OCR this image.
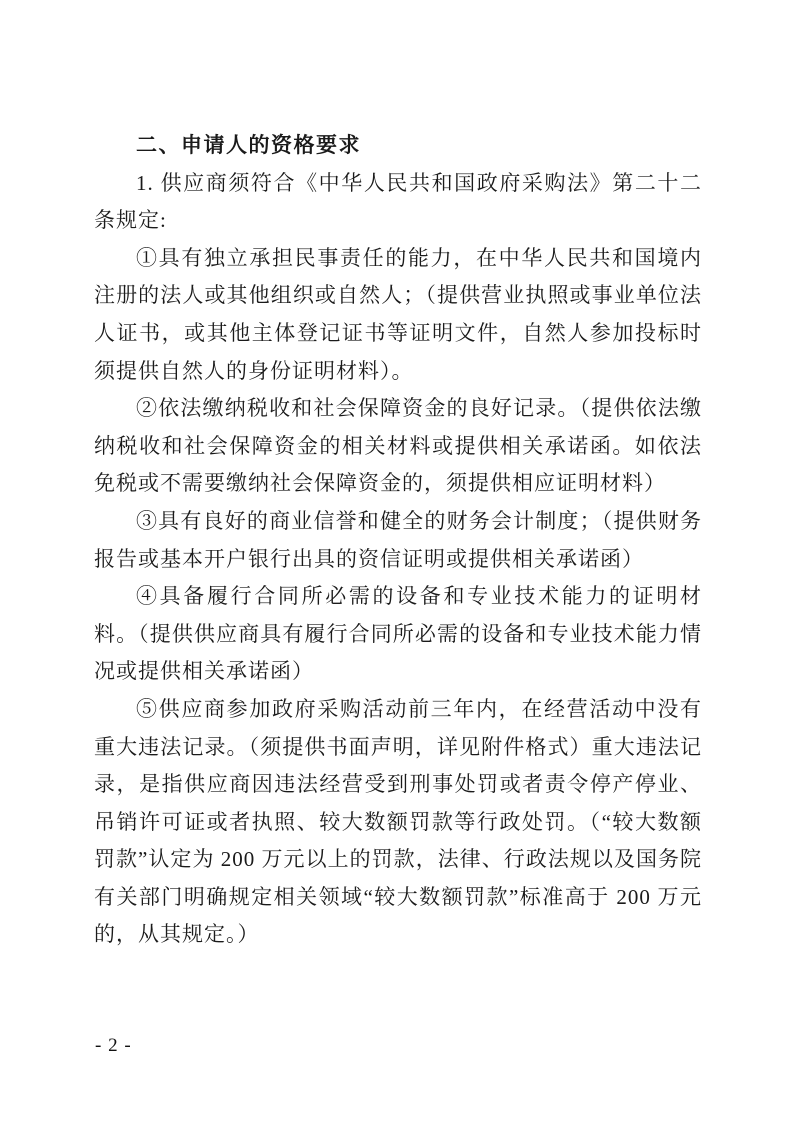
二、申请人的资格要求

1. 供应商须符合《中华人民共和国政府采购法》第二十二条规定:

①具有独立承担民事责任的能力，在中华人民共和国境内注册的法人或其他组织或自然人；（提供营业执照或事业单位法人证书，或其他主体登记证书等证明文件，自然人参加投标时须提供自然人的身份证明材料）。

②依法缴纳税收和社会保障资金的良好记录。（提供依法缴纳税收和社会保障资金的相关材料或提供相关承诺函。如依法免税或不需要缴纳社会保障资金的，须提供相应证明材料）

③具有良好的商业信誉和健全的财务会计制度；（提供财务报告或基本开户银行出具的资信证明或提供相关承诺函）

④具备履行合同所必需的设备和专业技术能力的证明材料。（提供供应商具有履行合同所必需的设备和专业技术能力情况或提供相关承诺函）

⑤供应商参加政府采购活动前三年内，在经营活动中没有重大违法记录。（须提供书面声明，详见附件格式）重大违法记录，是指供应商因违法经营受到刑事处罚或者责令停产停业、吊销许可证或者执照、较大数额罚款等行政处罚。（“较大数额罚款”认定为 200 万元以上的罚款，法律、行政法规以及国务院有关部门明确规定相关领域“较大数额罚款”标准高于 200 万元的，从其规定。）

- 2 -
